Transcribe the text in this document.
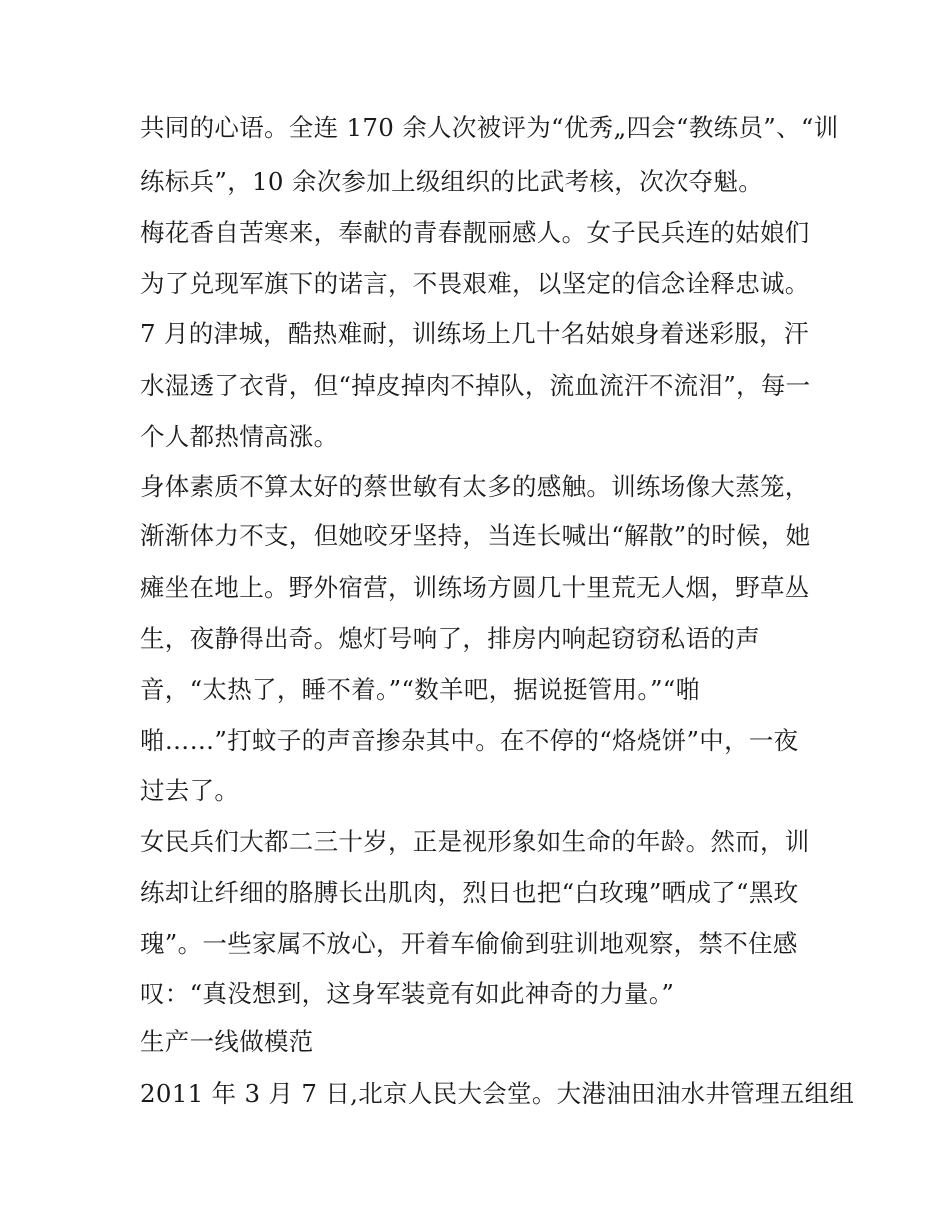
共同的心语。全连 170 余人次被评为“优秀„四会“教练员”、“训
练标兵”，10 余次参加上级组织的比武考核，次次夺魁。
梅花香自苦寒来，奉献的青春靓丽感人。女子民兵连的姑娘们
为了兑现军旗下的诺言，不畏艰难，以坚定的信念诠释忠诚。
7 月的津城，酷热难耐，训练场上几十名姑娘身着迷彩服，汗
水湿透了衣背，但“掉皮掉肉不掉队，流血流汗不流泪”，每一
个人都热情高涨。
身体素质不算太好的蔡世敏有太多的感触。训练场像大蒸笼，
渐渐体力不支，但她咬牙坚持，当连长喊出“解散”的时候，她
瘫坐在地上。野外宿营，训练场方圆几十里荒无人烟，野草丛
生，夜静得出奇。熄灯号响了，排房内响起窃窃私语的声
音，“太热了，睡不着。”“数羊吧，据说挺管用。”“啪
啪……”打蚊子的声音掺杂其中。在不停的“烙烧饼”中，一夜
过去了。
女民兵们大都二三十岁，正是视形象如生命的年龄。然而，训
练却让纤细的胳膊长出肌肉，烈日也把“白玫瑰”晒成了“黑玫
瑰”。一些家属不放心，开着车偷偷到驻训地观察，禁不住感
叹：“真没想到，这身军装竟有如此神奇的力量。”
生产一线做模范
2011 年 3 月 7 日,北京人民大会堂。大港油田油水井管理五组组
